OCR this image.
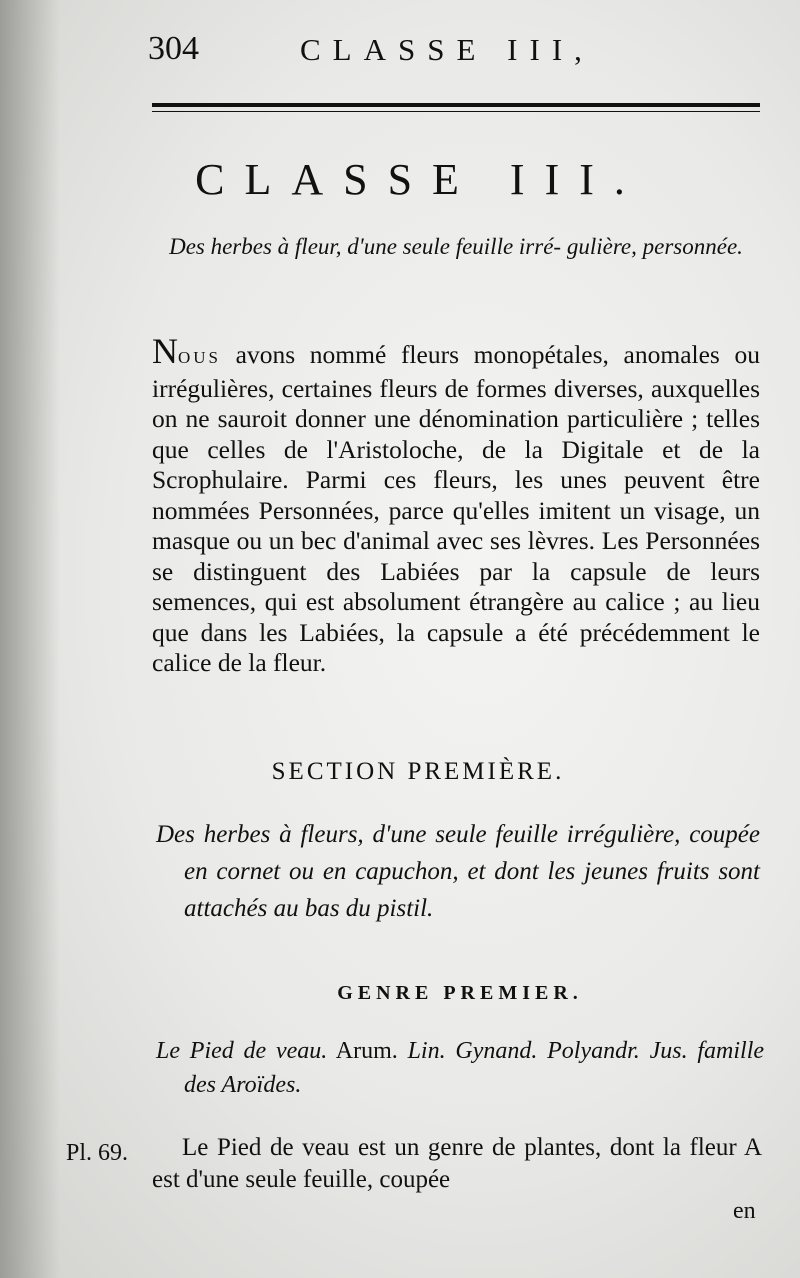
304	CLASSE III,
CLASSE III.
Des herbes à fleur, d'une seule feuille irré- gulière, personnée.
NOUS avons nommé fleurs monopétales, anomales ou irrégulières, certaines fleurs de formes diverses, auxquelles on ne sauroit donner une dénomination particulière ; telles que celles de l'Aristoloche, de la Digitale et de la Scrophulaire. Parmi ces fleurs, les unes peuvent être nommées Personnées, parce qu'elles imitent un visage, un masque ou un bec d'animal avec ses lèvres. Les Personnées se distinguent des Labiées par la capsule de leurs semences, qui est absolument étrangère au calice ; au lieu que dans les Labiées, la capsule a été précédemment le calice de la fleur.
SECTION PREMIÈRE.
Des herbes à fleurs, d'une seule feuille irrégulière, coupée en cornet ou en capuchon, et dont les jeunes fruits sont attachés au bas du pistil.
GENRE PREMIER.
Le Pied de veau. Arum. Lin. Gynand. Polyandr. Jus. famille des Aroïdes.
Pl. 69.	Le Pied de veau est un genre de plantes, dont la fleur A est d'une seule feuille, coupée
en
